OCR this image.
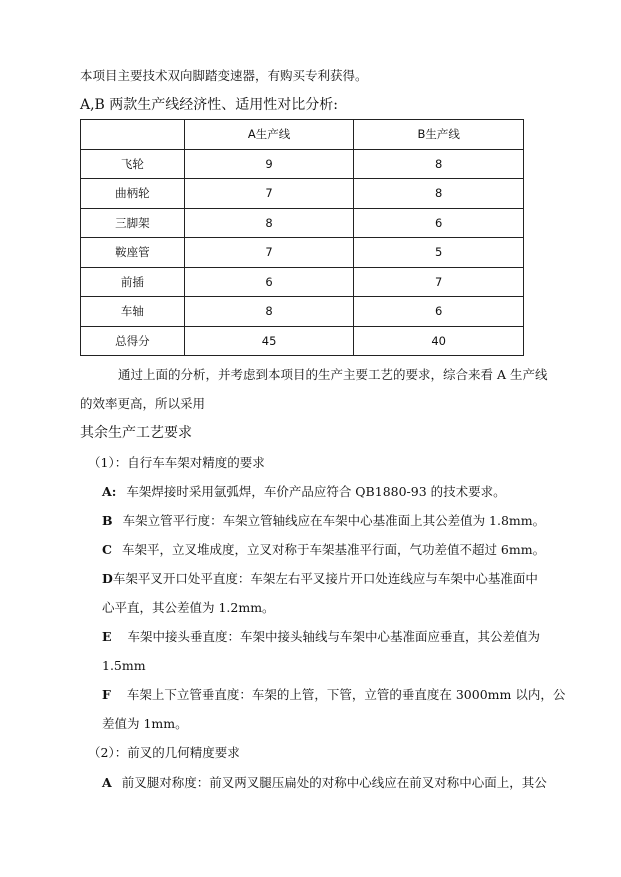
本项目主要技术双向脚踏变速器，有购买专利获得。
A,B 两款生产线经济性、适用性对比分析:
	A生产线	B生产线
飞轮	9	8
曲柄轮	7	8
三脚架	8	6
鞍座管	7	5
前插	6	7
车轴	8	6
总得分	45	40
通过上面的分析，并考虑到本项目的生产主要工艺的要求，综合来看 A 生产线
的效率更高，所以采用
其余生产工艺要求
（1）：自行车车架对精度的要求
A: 车架焊接时采用氩弧焊，车价产品应符合 QB1880-93 的技术要求。
B 车架立管平行度：车架立管轴线应在车架中心基准面上其公差值为 1.8mm。
C 车架平，立叉堆成度，立叉对称于车架基准平行面，气功差值不超过 6mm。
D车架平叉开口处平直度：车架左右平叉接片开口处连线应与车架中心基准面中
心平直，其公差值为 1.2mm。
E 车架中接头垂直度：车架中接头轴线与车架中心基准面应垂直，其公差值为
1.5mm
F 车架上下立管垂直度：车架的上管，下管，立管的垂直度在 3000mm 以内，公
差值为 1mm。
（2）：前叉的几何精度要求
A 前叉腿对称度：前叉两叉腿压扁处的对称中心线应在前叉对称中心面上，其公
